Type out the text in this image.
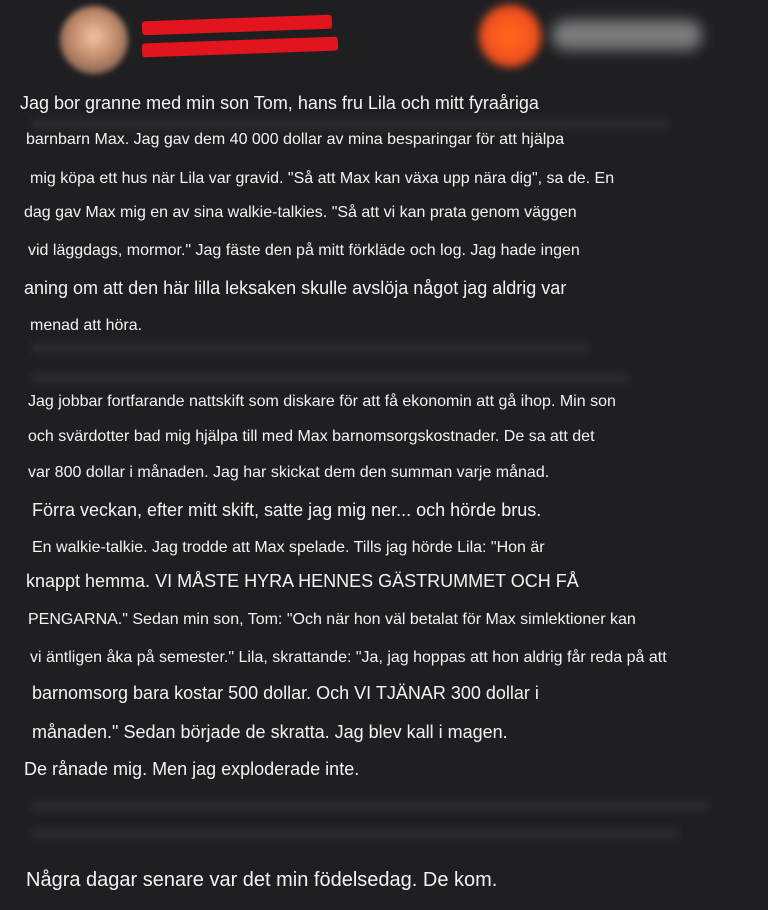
Jag bor granne med min son Tom, hans fru Lila och mitt fyraåriga
barnbarn Max. Jag gav dem 40 000 dollar av mina besparingar för att hjälpa
mig köpa ett hus när Lila var gravid. "Så att Max kan växa upp nära dig", sa de. En
dag gav Max mig en av sina walkie-talkies. "Så att vi kan prata genom väggen
vid läggdags, mormor." Jag fäste den på mitt förkläde och log. Jag hade ingen
aning om att den här lilla leksaken skulle avslöja något jag aldrig var
menad att höra.
Jag jobbar fortfarande nattskift som diskare för att få ekonomin att gå ihop. Min son
och svärdotter bad mig hjälpa till med Max barnomsorgskostnader. De sa att det
var 800 dollar i månaden. Jag har skickat dem den summan varje månad.
Förra veckan, efter mitt skift, satte jag mig ner... och hörde brus.
En walkie-talkie. Jag trodde att Max spelade. Tills jag hörde Lila: "Hon är
knappt hemma. VI MÅSTE HYRA HENNES GÄSTRUMMET OCH FÅ
PENGARNA." Sedan min son, Tom: "Och när hon väl betalat för Max simlektioner kan
vi äntligen åka på semester." Lila, skrattande: "Ja, jag hoppas att hon aldrig får reda på att
barnomsorg bara kostar 500 dollar. Och VI TJÄNAR 300 dollar i
månaden." Sedan började de skratta. Jag blev kall i magen.
De rånade mig. Men jag exploderade inte.
Några dagar senare var det min födelsedag. De kom.
